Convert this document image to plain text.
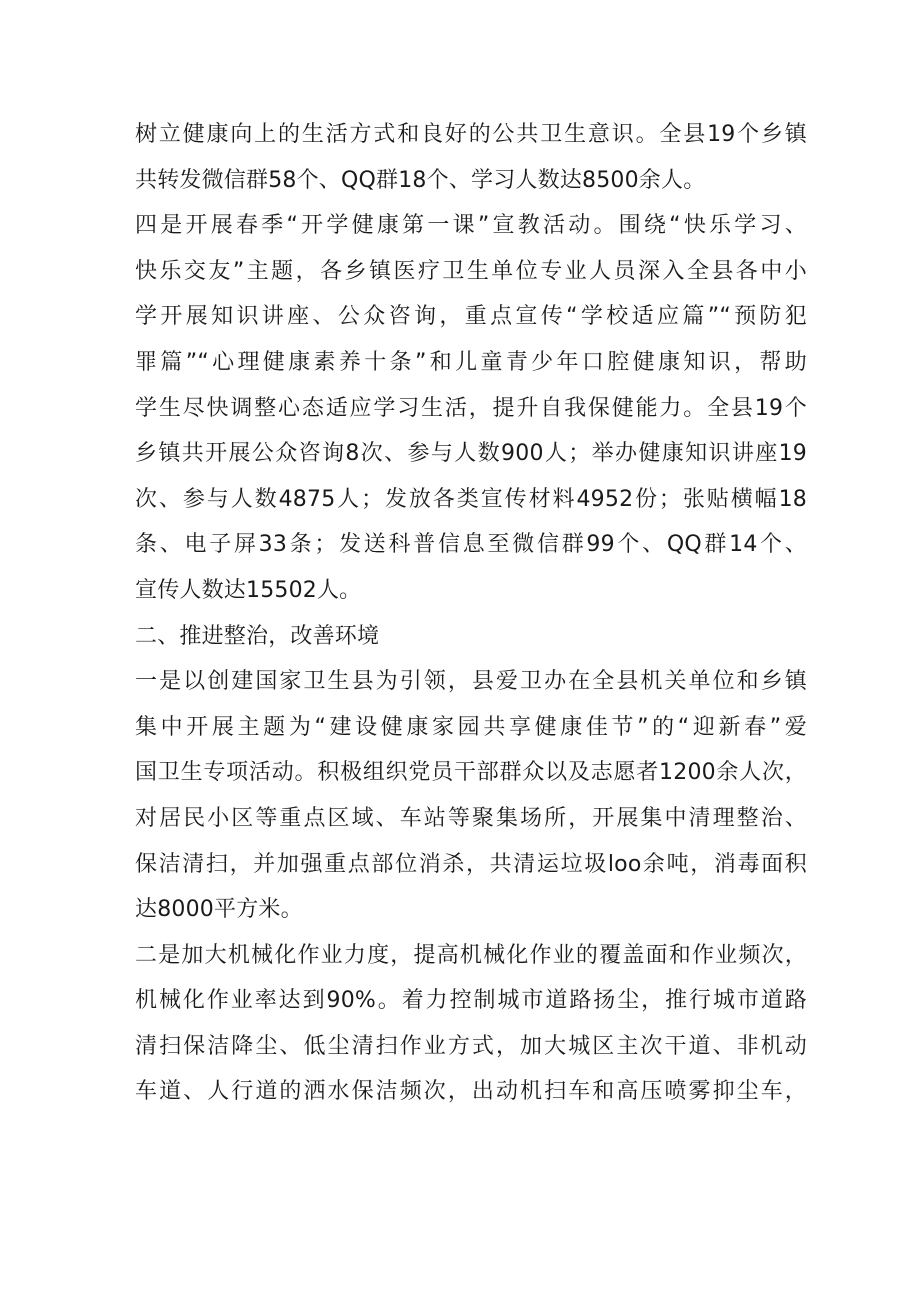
树立健康向上的生活方式和良好的公共卫生意识。全县19个乡镇
共转发微信群58个、QQ群18个、学习人数达8500余人。
四是开展春季“开学健康第一课”宣教活动。围绕“快乐学习、
快乐交友”主题，各乡镇医疗卫生单位专业人员深入全县各中小
学开展知识讲座、公众咨询，重点宣传“学校适应篇”“预防犯
罪篇”“心理健康素养十条”和儿童青少年口腔健康知识，帮助
学生尽快调整心态适应学习生活，提升自我保健能力。全县19个
乡镇共开展公众咨询8次、参与人数900人；举办健康知识讲座19
次、参与人数4875人；发放各类宣传材料4952份；张贴横幅18
条、电子屏33条；发送科普信息至微信群99个、QQ群14个、
宣传人数达15502人。
二、推进整治，改善环境
一是以创建国家卫生县为引领，县爱卫办在全县机关单位和乡镇
集中开展主题为“建设健康家园共享健康佳节”的“迎新春”爱
国卫生专项活动。积极组织党员干部群众以及志愿者1200余人次，
对居民小区等重点区域、车站等聚集场所，开展集中清理整治、
保洁清扫，并加强重点部位消杀，共清运垃圾loo余吨，消毒面积
达8000平方米。
二是加大机械化作业力度，提高机械化作业的覆盖面和作业频次，
机械化作业率达到90%。着力控制城市道路扬尘，推行城市道路
清扫保洁降尘、低尘清扫作业方式，加大城区主次干道、非机动
车道、人行道的洒水保洁频次，出动机扫车和高压喷雾抑尘车，
